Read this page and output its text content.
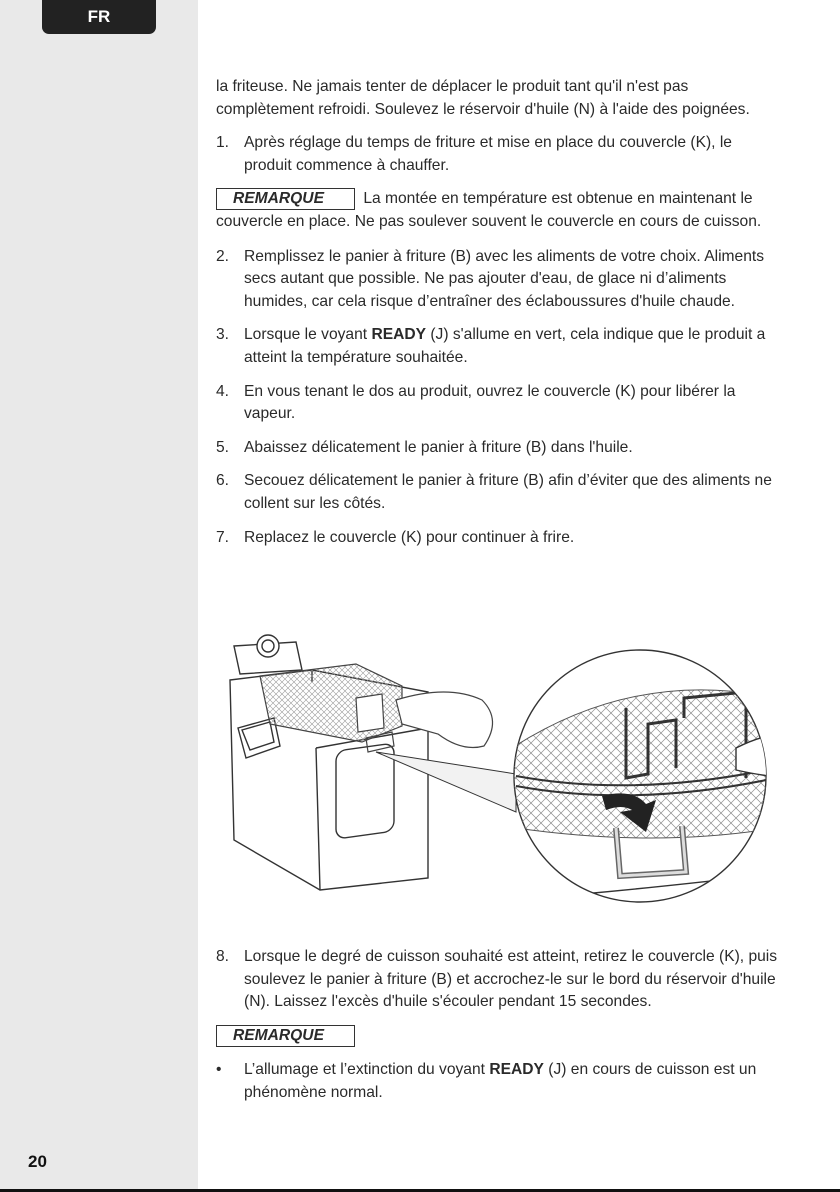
FR

la friteuse. Ne jamais tenter de déplacer le produit tant qu'il n'est pas complètement refroidi. Soulevez le réservoir d'huile (N) à l'aide des poignées.

1. Après réglage du temps de friture et mise en place du couvercle (K), le produit commence à chauffer.

REMARQUE	La montée en température est obtenue en maintenant le couvercle en place. Ne pas soulever souvent le couvercle en cours de cuisson.

2. Remplissez le panier à friture (B) avec les aliments de votre choix. Aliments secs autant que possible. Ne pas ajouter d'eau, de glace ni d’aliments humides, car cela risque d’entraîner des éclaboussures d'huile chaude.
3. Lorsque le voyant READY (J) s'allume en vert, cela indique que le produit a atteint la température souhaitée.
4. En vous tenant le dos au produit, ouvrez le couvercle (K) pour libérer la vapeur.
5. Abaissez délicatement le panier à friture (B) dans l'huile.
6. Secouez délicatement le panier à friture (B) afin d’éviter que des aliments ne collent sur les côtés.
7. Replacez le couvercle (K) pour continuer à frire.
8. Lorsque le degré de cuisson souhaité est atteint, retirez le couvercle (K), puis soulevez le panier à friture (B) et accrochez-le sur le bord du réservoir d'huile (N). Laissez l'excès d'huile s'écouler pendant 15 secondes.
REMARQUE
•	L’allumage et l’extinction du voyant READY (J) en cours de cuisson est un phénomène normal.
20
